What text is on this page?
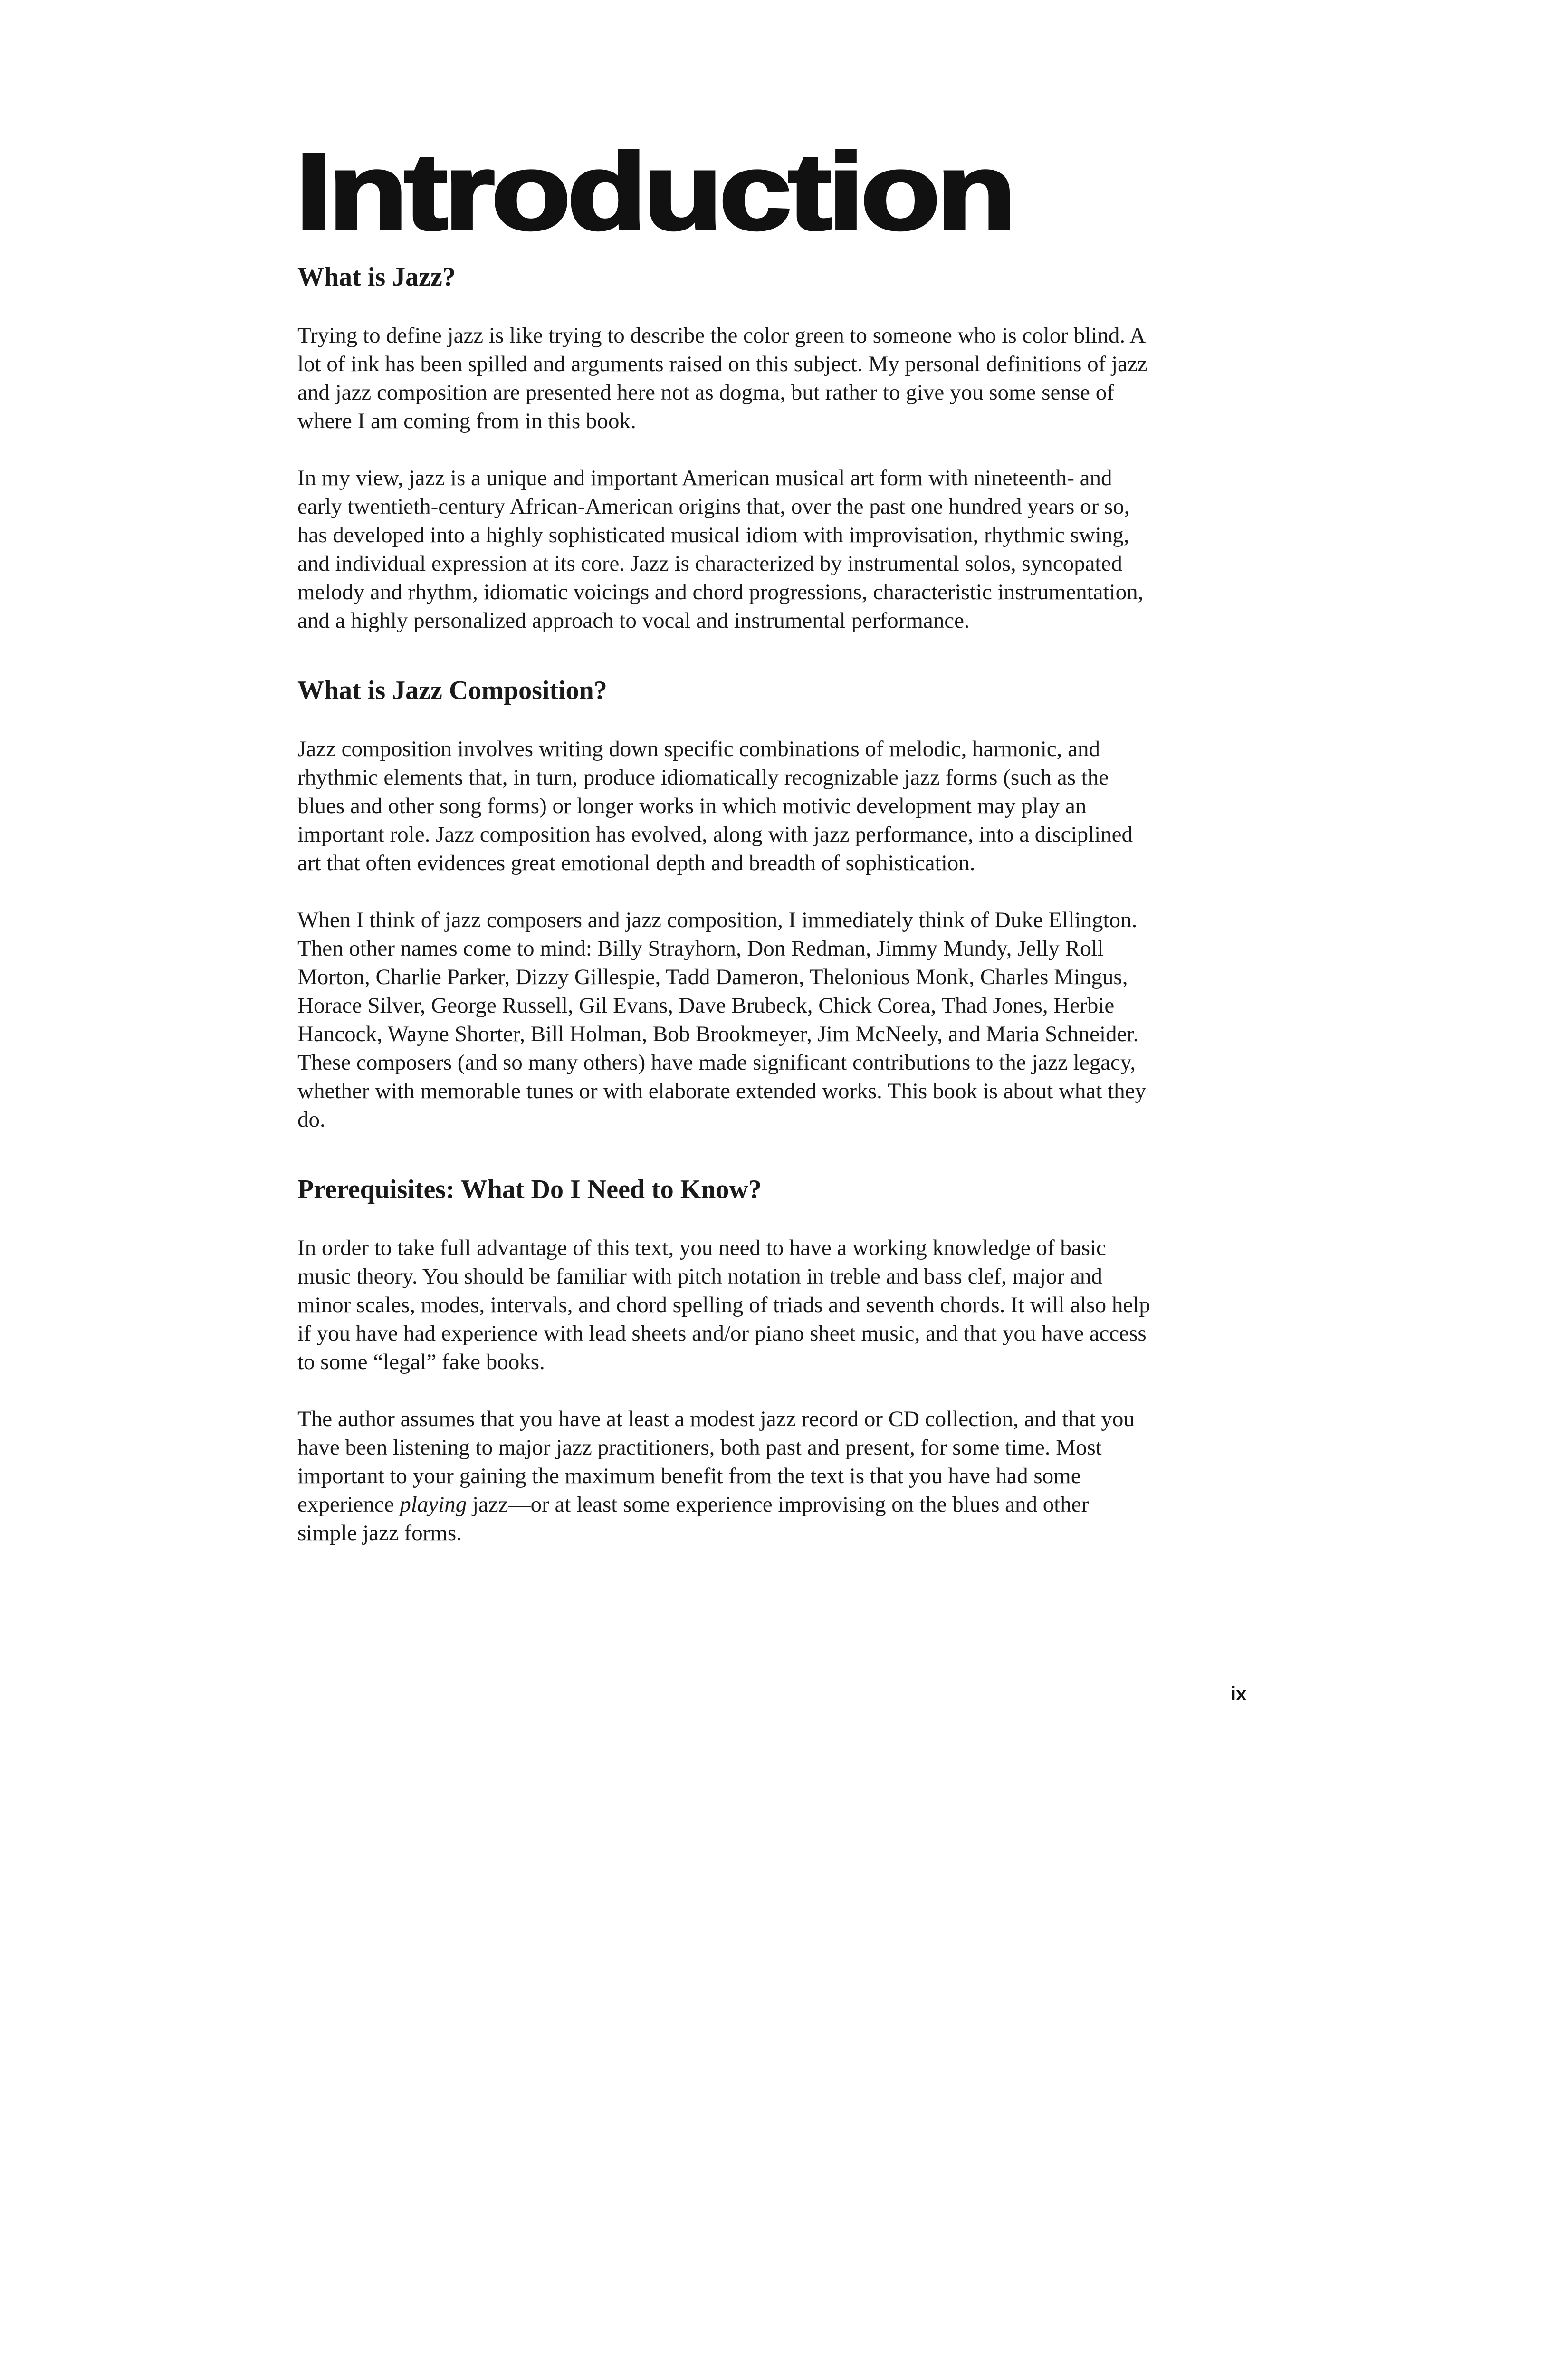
Introduction
What is Jazz?

Trying to define jazz is like trying to describe the color green to someone who is color blind. A lot of ink has been spilled and arguments raised on this subject. My personal definitions of jazz and jazz composition are presented here not as dogma, but rather to give you some sense of where I am coming from in this book.

In my view, jazz is a unique and important American musical art form with nineteenth- and early twentieth-century African-American origins that, over the past one hundred years or so, has developed into a highly sophisticated musical idiom with improvisation, rhythmic swing, and individual expression at its core. Jazz is characterized by instrumental solos, syncopated melody and rhythm, idiomatic voicings and chord progressions, characteristic instrumentation, and a highly personalized approach to vocal and instrumental performance.

What is Jazz Composition?

Jazz composition involves writing down specific combinations of melodic, harmonic, and rhythmic elements that, in turn, produce idiomatically recognizable jazz forms (such as the blues and other song forms) or longer works in which motivic development may play an important role. Jazz composition has evolved, along with jazz performance, into a disciplined art that often evidences great emotional depth and breadth of sophistication.

When I think of jazz composers and jazz composition, I immediately think of Duke Ellington. Then other names come to mind: Billy Strayhorn, Don Redman, Jimmy Mundy, Jelly Roll Morton, Charlie Parker, Dizzy Gillespie, Tadd Dameron, Thelonious Monk, Charles Mingus, Horace Silver, George Russell, Gil Evans, Dave Brubeck, Chick Corea, Thad Jones, Herbie Hancock, Wayne Shorter, Bill Holman, Bob Brookmeyer, Jim McNeely, and Maria Schneider. These composers (and so many others) have made significant contributions to the jazz legacy, whether with memorable tunes or with elaborate extended works. This book is about what they do.

Prerequisites: What Do I Need to Know?

In order to take full advantage of this text, you need to have a working knowledge of basic music theory. You should be familiar with pitch notation in treble and bass clef, major and minor scales, modes, intervals, and chord spelling of triads and seventh chords. It will also help if you have had experience with lead sheets and/or piano sheet music, and that you have access to some “legal” fake books.

The author assumes that you have at least a modest jazz record or CD collection, and that you have been listening to major jazz practitioners, both past and present, for some time. Most important to your gaining the maximum benefit from the text is that you have had some experience playing jazz—or at least some experience improvising on the blues and other simple jazz forms.

ix
